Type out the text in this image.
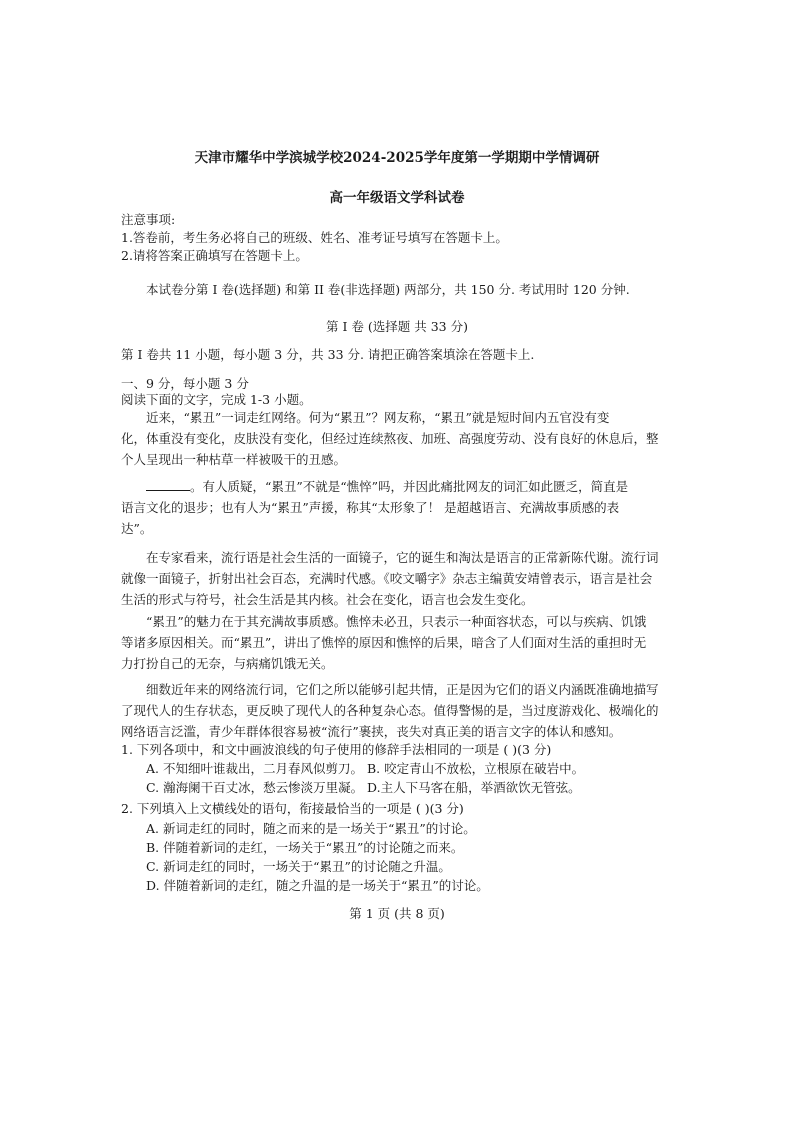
天津市耀华中学滨城学校2024-2025学年度第一学期期中学情调研
高一年级语文学科试卷
注意事项:
1.答卷前，考生务必将自己的班级、姓名、准考证号填写在答题卡上。
2.请将答案正确填写在答题卡上。
本试卷分第 I 卷(选择题) 和第 II 卷(非选择题) 两部分，共 150 分. 考试用时 120 分钟.
第 I 卷 (选择题 共 33 分)
第 I 卷共 11 小题，每小题 3 分，共 33 分. 请把正确答案填涂在答题卡上.
一、9 分，每小题 3 分
阅读下面的文字，完成 1-3 小题。
近来，“累丑”一词走红网络。何为“累丑”？网友称，“累丑”就是短时间内五官没有变
化，体重没有变化，皮肤没有变化，但经过连续熬夜、加班、高强度劳动、没有良好的休息后，整
个人呈现出一种枯草一样被吸干的丑感。
。有人质疑，“累丑”不就是“憔悴”吗，并因此痛批网友的词汇如此匮乏，简直是
语言文化的退步；也有人为“累丑”声援，称其“太形象了！ 是超越语言、充满故事质感的表
达”。
在专家看来，流行语是社会生活的一面镜子，它的诞生和淘汰是语言的正常新陈代谢。流行词
就像一面镜子，折射出社会百态，充满时代感。《咬文嚼字》杂志主编黄安靖曾表示，语言是社会
生活的形式与符号，社会生活是其内核。社会在变化，语言也会发生变化。
“累丑”的魅力在于其充满故事质感。憔悴未必丑，只表示一种面容状态，可以与疾病、饥饿
等诸多原因相关。而“累丑”，讲出了憔悴的原因和憔悴的后果，暗含了人们面对生活的重担时无
力打扮自己的无奈，与病痛饥饿无关。
细数近年来的网络流行词，它们之所以能够引起共情，正是因为它们的语义内涵既准确地描写
了现代人的生存状态，更反映了现代人的各种复杂心态。值得警惕的是，当过度游戏化、极端化的
网络语言泛滥，青少年群体很容易被“流行”裹挟，丧失对真正美的语言文字的体认和感知。
1. 下列各项中，和文中画波浪线的句子使用的修辞手法相同的一项是 ( )(3 分)
A. 不知细叶谁裁出，二月春风似剪刀。 B. 咬定青山不放松，立根原在破岩中。
C. 瀚海阑干百丈冰，愁云惨淡万里凝。 D.主人下马客在船，举酒欲饮无管弦。
2. 下列填入上文横线处的语句，衔接最恰当的一项是 ( )(3 分)
A. 新词走红的同时，随之而来的是一场关于“累丑”的讨论。
B. 伴随着新词的走红，一场关于“累丑”的讨论随之而来。
C. 新词走红的同时，一场关于“累丑”的讨论随之升温。
D. 伴随着新词的走红，随之升温的是一场关于“累丑”的讨论。
第 1 页 (共 8 页)
